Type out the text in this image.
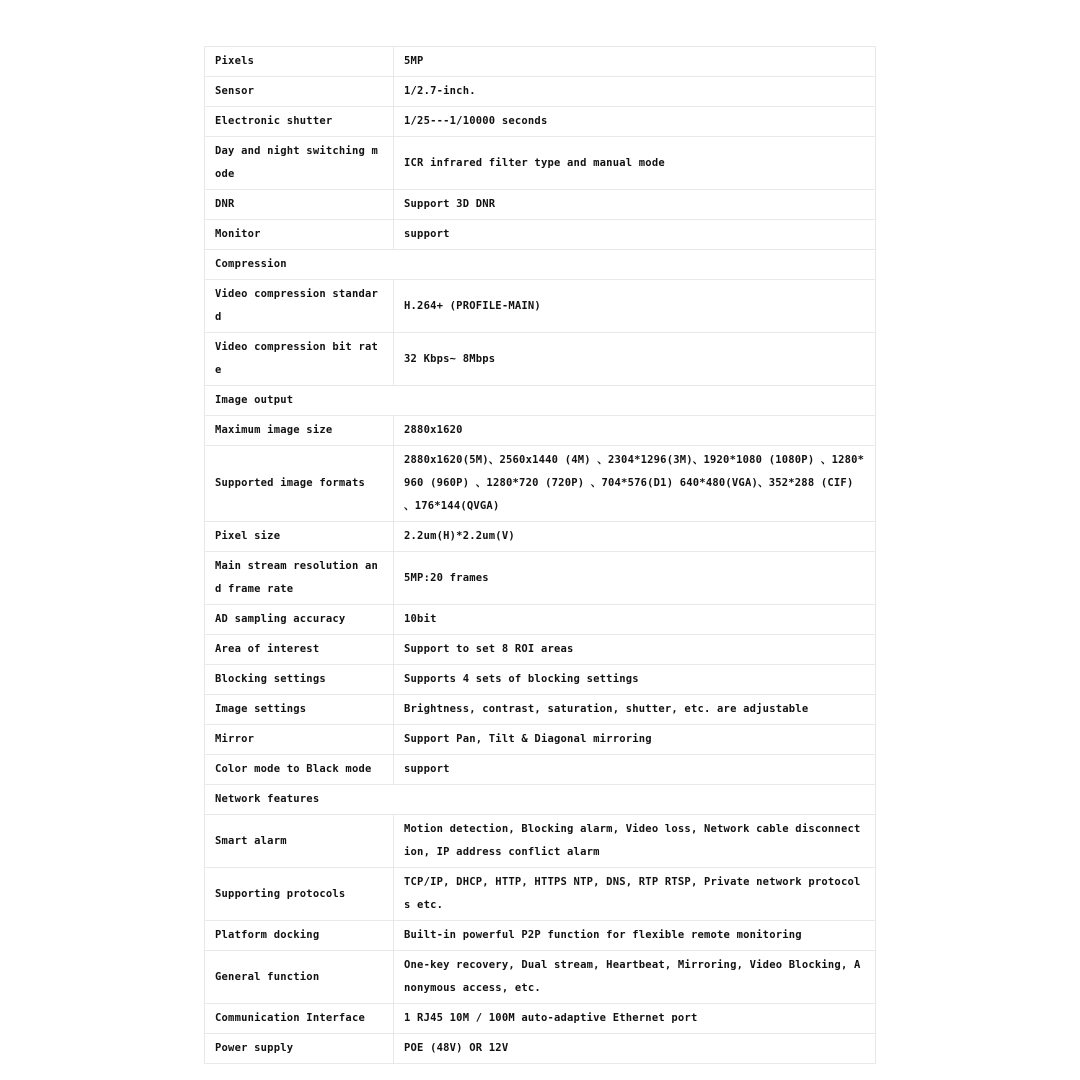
Pixels	5MP
Sensor	1/2.7-inch.
Electronic shutter	1/25---1/10000 seconds
Day and night switching mode	ICR infrared filter type and manual mode
DNR	Support 3D DNR
Monitor	support
Compression	
Video compression standard	H.264+ (PROFILE-MAIN)
Video compression bit rate	32 Kbps~ 8Mbps
Image output	
Maximum image size	2880x1620
Supported image formats	2880x1620(5M)、2560x1440 (4M) 、2304*1296(3M)、1920*1080 (1080P) 、1280*960 (960P) 、1280*720 (720P) 、704*576(D1) 640*480(VGA)、352*288 (CIF) 、176*144(QVGA)
Pixel size	2.2um(H)*2.2um(V)
Main stream resolution and frame rate	5MP:20 frames
AD sampling accuracy	10bit
Area of interest	Support to set 8 ROI areas
Blocking settings	Supports 4 sets of blocking settings
Image settings	Brightness, contrast, saturation, shutter, etc. are adjustable
Mirror	Support Pan, Tilt & Diagonal mirroring
Color mode to Black mode	support
Network features	
Smart alarm	Motion detection, Blocking alarm, Video loss, Network cable disconnection, IP address conflict alarm
Supporting protocols	TCP/IP, DHCP, HTTP, HTTPS NTP, DNS, RTP RTSP, Private network protocols etc.
Platform docking	Built-in powerful P2P function for flexible remote monitoring
General function	One-key recovery, Dual stream, Heartbeat, Mirroring, Video Blocking, Anonymous access, etc.
Communication Interface	1 RJ45 10M / 100M auto-adaptive Ethernet port
Power supply	POE (48V) OR 12V
